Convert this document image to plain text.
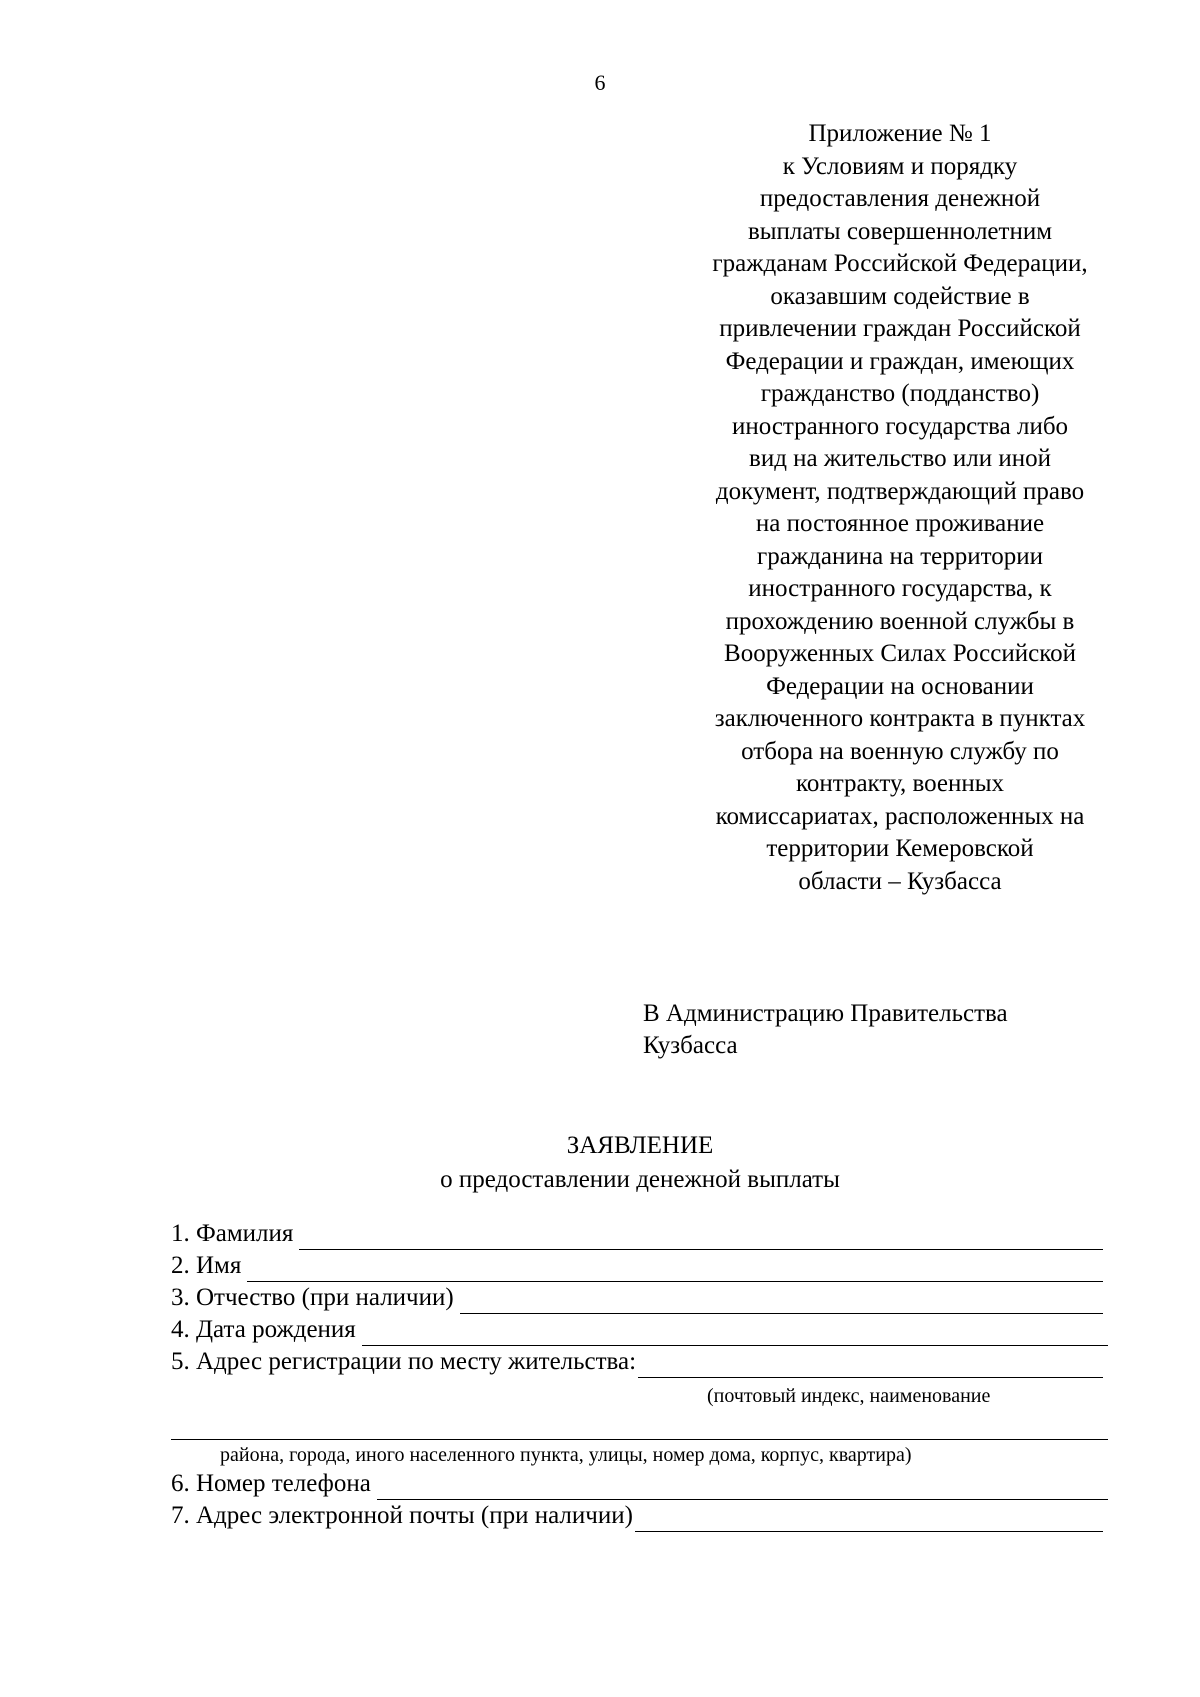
6
Приложение № 1
к Условиям и порядку
предоставления денежной
выплаты совершеннолетним
гражданам Российской Федерации,
оказавшим содействие в
привлечении граждан Российской
Федерации и граждан, имеющих
гражданство (подданство)
иностранного государства либо
вид на жительство или иной
документ, подтверждающий право
на постоянное проживание
гражданина на территории
иностранного государства, к
прохождению военной службы в
Вооруженных Силах Российской
Федерации на основании
заключенного контракта в пунктах
отбора на военную службу по
контракту, военных
комиссариатах, расположенных на
территории Кемеровской
области – Кузбасса
В Администрацию Правительства
Кузбасса
ЗАЯВЛЕНИЕ
о предоставлении денежной выплаты
1. Фамилия
2. Имя
3. Отчество (при наличии)
4. Дата рождения
5. Адрес регистрации по месту жительства:
(почтовый индекс, наименование
района, города, иного населенного пункта, улицы, номер дома, корпус, квартира)
6. Номер телефона
7. Адрес электронной почты (при наличии)
